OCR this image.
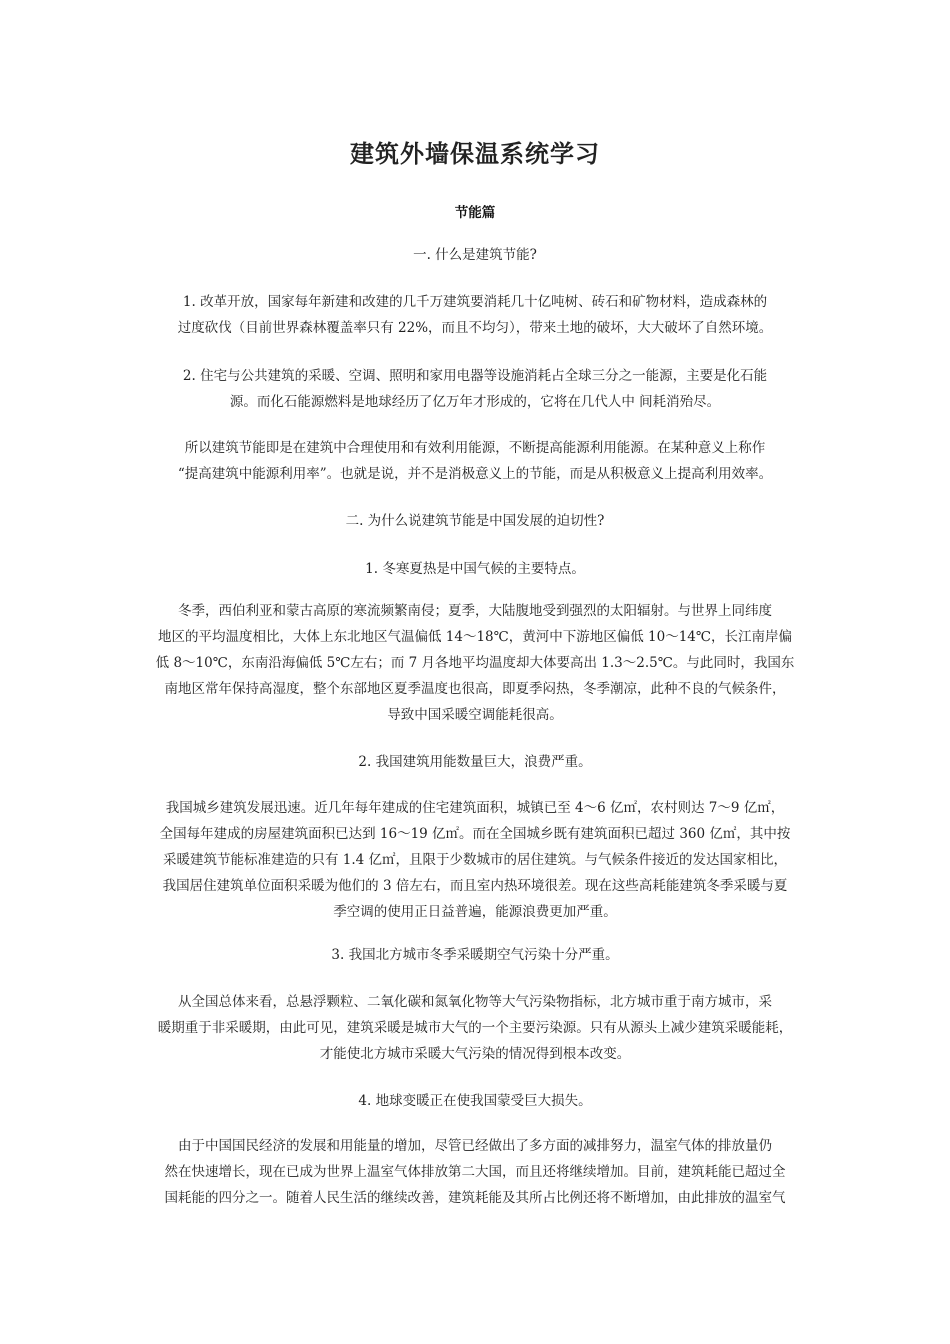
建筑外墙保温系统学习
节能篇

一. 什么是建筑节能?

1. 改革开放，国家每年新建和改建的几千万建筑要消耗几十亿吨树、砖石和矿物材料，造成森林的
过度砍伐（目前世界森林覆盖率只有 22%，而且不均匀），带来土地的破坏，大大破坏了自然环境。

2. 住宅与公共建筑的采暖、空调、照明和家用电器等设施消耗占全球三分之一能源，主要是化石能
源。而化石能源燃料是地球经历了亿万年才形成的，它将在几代人中 间耗消殆尽。

所以建筑节能即是在建筑中合理使用和有效利用能源，不断提高能源利用能源。在某种意义上称作
“提高建筑中能源利用率”。也就是说，并不是消极意义上的节能，而是从积极意义上提高利用效率。

二. 为什么说建筑节能是中国发展的迫切性?

1. 冬寒夏热是中国气候的主要特点。

冬季，西伯利亚和蒙古高原的寒流频繁南侵；夏季，大陆腹地受到强烈的太阳辐射。与世界上同纬度
地区的平均温度相比，大体上东北地区气温偏低 14～18℃，黄河中下游地区偏低 10～14℃，长江南岸偏
低 8～10℃，东南沿海偏低 5℃左右；而 7 月各地平均温度却大体要高出 1.3～2.5℃。与此同时，我国东
南地区常年保持高湿度，整个东部地区夏季温度也很高，即夏季闷热，冬季潮凉，此种不良的气候条件，
导致中国采暖空调能耗很高。

2. 我国建筑用能数量巨大，浪费严重。

我国城乡建筑发展迅速。近几年每年建成的住宅建筑面积，城镇已至 4～6 亿㎡，农村则达 7～9 亿㎡，
全国每年建成的房屋建筑面积已达到 16～19 亿㎡。而在全国城乡既有建筑面积已超过 360 亿㎡，其中按
采暖建筑节能标准建造的只有 1.4 亿㎡，且限于少数城市的居住建筑。与气候条件接近的发达国家相比，
我国居住建筑单位面积采暖为他们的 3 倍左右，而且室内热环境很差。现在这些高耗能建筑冬季采暖与夏
季空调的使用正日益普遍，能源浪费更加严重。

3. 我国北方城市冬季采暖期空气污染十分严重。

从全国总体来看，总悬浮颗粒、二氧化碳和氮氧化物等大气污染物指标，北方城市重于南方城市，采
暖期重于非采暖期，由此可见，建筑采暖是城市大气的一个主要污染源。只有从源头上减少建筑采暖能耗，
才能使北方城市采暖大气污染的情况得到根本改变。

4. 地球变暖正在使我国蒙受巨大损失。

由于中国国民经济的发展和用能量的增加，尽管已经做出了多方面的减排努力，温室气体的排放量仍
然在快速增长，现在已成为世界上温室气体排放第二大国，而且还将继续增加。目前，建筑耗能已超过全
国耗能的四分之一。随着人民生活的继续改善，建筑耗能及其所占比例还将不断增加，由此排放的温室气
